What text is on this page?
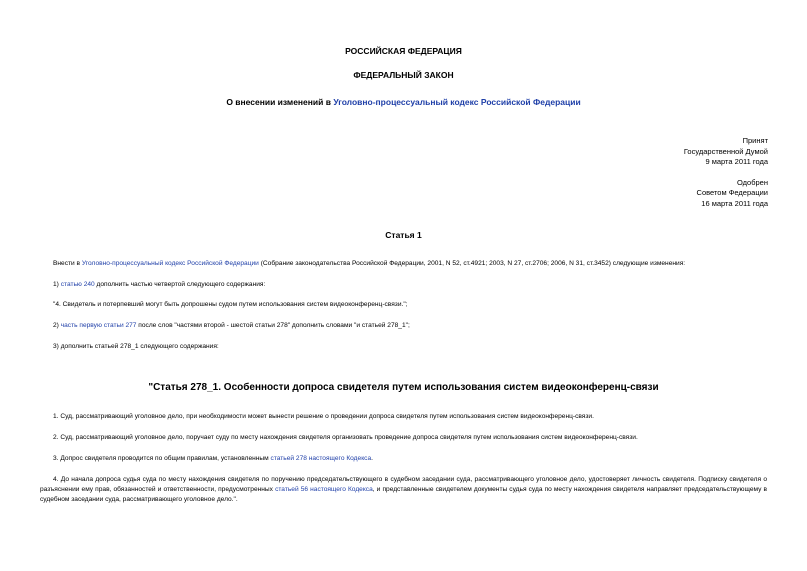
РОССИЙСКАЯ ФЕДЕРАЦИЯ
ФЕДЕРАЛЬНЫЙ ЗАКОН
О внесении изменений в Уголовно-процессуальный кодекс Российской Федерации
Принят
Государственной Думой
9 марта 2011 года
Одобрен
Советом Федерации
16 марта 2011 года
Статья 1
Внести в Уголовно-процессуальный кодекс Российской Федерации (Собрание законодательства Российской Федерации, 2001, N 52, ст.4921; 2003, N 27, ст.2706; 2006, N 31, ст.3452) следующие изменения:
1) статью 240 дополнить частью четвертой следующего содержания:
"4. Свидетель и потерпевший могут быть допрошены судом путем использования систем видеоконференц-связи.";
2) часть первую статьи 277 после слов "частями второй - шестой статьи 278" дополнить словами "и статьей 278_1";
3) дополнить статьей 278_1 следующего содержания:
"Статья 278_1. Особенности допроса свидетеля путем использования систем видеоконференц-связи
1. Суд, рассматривающий уголовное дело, при необходимости может вынести решение о проведении допроса свидетеля путем использования систем видеоконференц-связи.
2. Суд, рассматривающий уголовное дело, поручает суду по месту нахождения свидетеля организовать проведение допроса свидетеля путем использования систем видеоконференц-связи.
3. Допрос свидетеля проводится по общим правилам, установленным статьей 278 настоящего Кодекса.
4. До начала допроса судья суда по месту нахождения свидетеля по поручению председательствующего в судебном заседании суда, рассматривающего уголовное дело, удостоверяет личность свидетеля. Подписку свидетеля о разъяснении ему прав, обязанностей и ответственности, предусмотренных статьей 56 настоящего Кодекса, и представленные свидетелем документы судья суда по месту нахождения свидетеля направляет председательствующему в судебном заседании суда, рассматривающего уголовное дело.".
